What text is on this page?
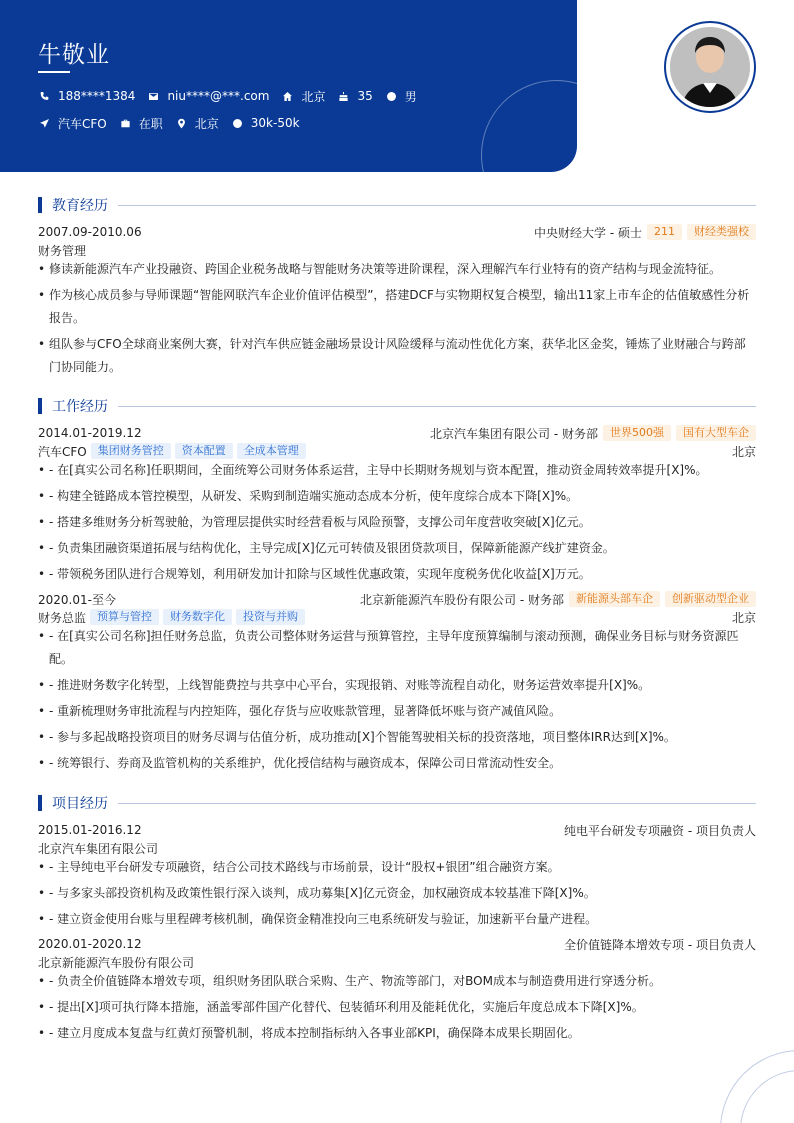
牛敬业
188****1384	niu****@***.com	北京	35	男
汽车CFO	在职	北京	30k-50k
教育经历
2007.09-2010.06	中央财经大学 - 硕士	211	财经类强校
财务管理
• 修读新能源汽车产业投融资、跨国企业税务战略与智能财务决策等进阶课程，深入理解汽车行业特有的资产结构与现金流特征。
• 作为核心成员参与导师课题“智能网联汽车企业价值评估模型”，搭建DCF与实物期权复合模型，输出11家上市车企的估值敏感性分析报告。
• 组队参与CFO全球商业案例大赛，针对汽车供应链金融场景设计风险缓释与流动性优化方案，获华北区金奖，锤炼了业财融合与跨部门协同能力。
工作经历
2014.01-2019.12	北京汽车集团有限公司 - 财务部	世界500强	国有大型车企
汽车CFO	集团财务管控	资本配置	全成本管理	北京
• - 在[真实公司名称]任职期间，全面统筹公司财务体系运营，主导中长期财务规划与资本配置，推动资金周转效率提升[X]%。
• - 构建全链路成本管控模型，从研发、采购到制造端实施动态成本分析，使年度综合成本下降[X]%。
• - 搭建多维财务分析驾驶舱，为管理层提供实时经营看板与风险预警，支撑公司年度营收突破[X]亿元。
• - 负责集团融资渠道拓展与结构优化，主导完成[X]亿元可转债及银团贷款项目，保障新能源产线扩建资金。
• - 带领税务团队进行合规筹划，利用研发加计扣除与区域性优惠政策，实现年度税务优化收益[X]万元。
2020.01-至今	北京新能源汽车股份有限公司 - 财务部	新能源头部车企	创新驱动型企业
财务总监	预算与管控	财务数字化	投资与并购	北京
• - 在[真实公司名称]担任财务总监，负责公司整体财务运营与预算管控，主导年度预算编制与滚动预测，确保业务目标与财务资源匹配。
• - 推进财务数字化转型，上线智能费控与共享中心平台，实现报销、对账等流程自动化，财务运营效率提升[X]%。
• - 重新梳理财务审批流程与内控矩阵，强化存货与应收账款管理，显著降低坏账与资产减值风险。
• - 参与多起战略投资项目的财务尽调与估值分析，成功推动[X]个智能驾驶相关标的投资落地，项目整体IRR达到[X]%。
• - 统筹银行、券商及监管机构的关系维护，优化授信结构与融资成本，保障公司日常流动性安全。
项目经历
2015.01-2016.12	纯电平台研发专项融资 - 项目负责人
北京汽车集团有限公司
• - 主导纯电平台研发专项融资，结合公司技术路线与市场前景，设计“股权+银团”组合融资方案。
• - 与多家头部投资机构及政策性银行深入谈判，成功募集[X]亿元资金，加权融资成本较基准下降[X]%。
• - 建立资金使用台账与里程碑考核机制，确保资金精准投向三电系统研发与验证，加速新平台量产进程。
2020.01-2020.12	全价值链降本增效专项 - 项目负责人
北京新能源汽车股份有限公司
• - 负责全价值链降本增效专项，组织财务团队联合采购、生产、物流等部门，对BOM成本与制造费用进行穿透分析。
• - 提出[X]项可执行降本措施，涵盖零部件国产化替代、包装循环利用及能耗优化，实施后年度总成本下降[X]%。
• - 建立月度成本复盘与红黄灯预警机制，将成本控制指标纳入各事业部KPI，确保降本成果长期固化。
